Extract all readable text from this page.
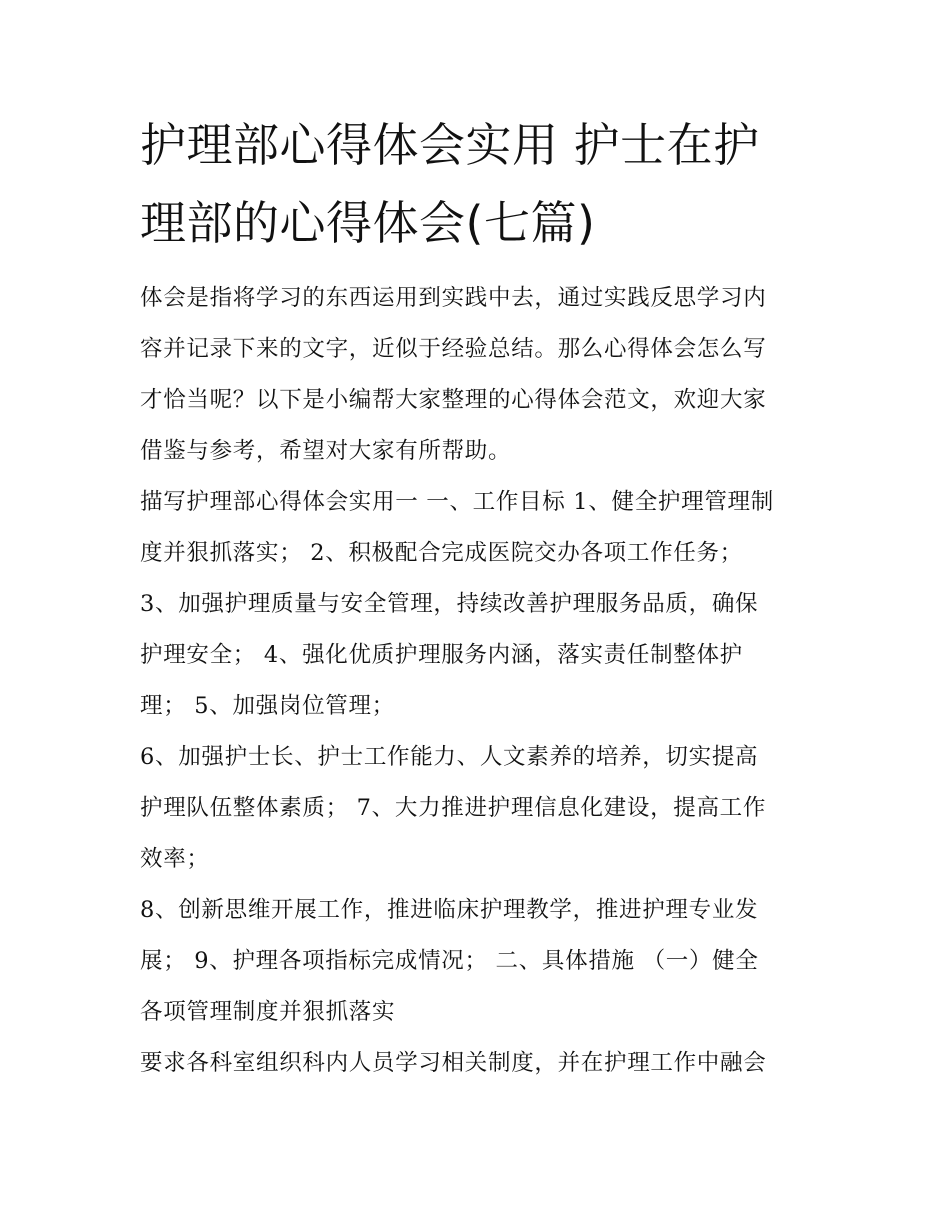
护理部心得体会实用 护士在护
理部的心得体会(七篇)

体会是指将学习的东西运用到实践中去，通过实践反思学习内
容并记录下来的文字，近似于经验总结。那么心得体会怎么写
才恰当呢？以下是小编帮大家整理的心得体会范文，欢迎大家
借鉴与参考，希望对大家有所帮助。

描写护理部心得体会实用一 一、工作目标 1、健全护理管理制
度并狠抓落实； 2、积极配合完成医院交办各项工作任务；

3、加强护理质量与安全管理，持续改善护理服务品质，确保
护理安全； 4、强化优质护理服务内涵，落实责任制整体护
理； 5、加强岗位管理；

6、加强护士长、护士工作能力、人文素养的培养，切实提高
护理队伍整体素质； 7、大力推进护理信息化建设，提高工作
效率；

8、创新思维开展工作，推进临床护理教学，推进护理专业发
展； 9、护理各项指标完成情况； 二、具体措施 （一）健全
各项管理制度并狠抓落实

要求各科室组织科内人员学习相关制度，并在护理工作中融会
